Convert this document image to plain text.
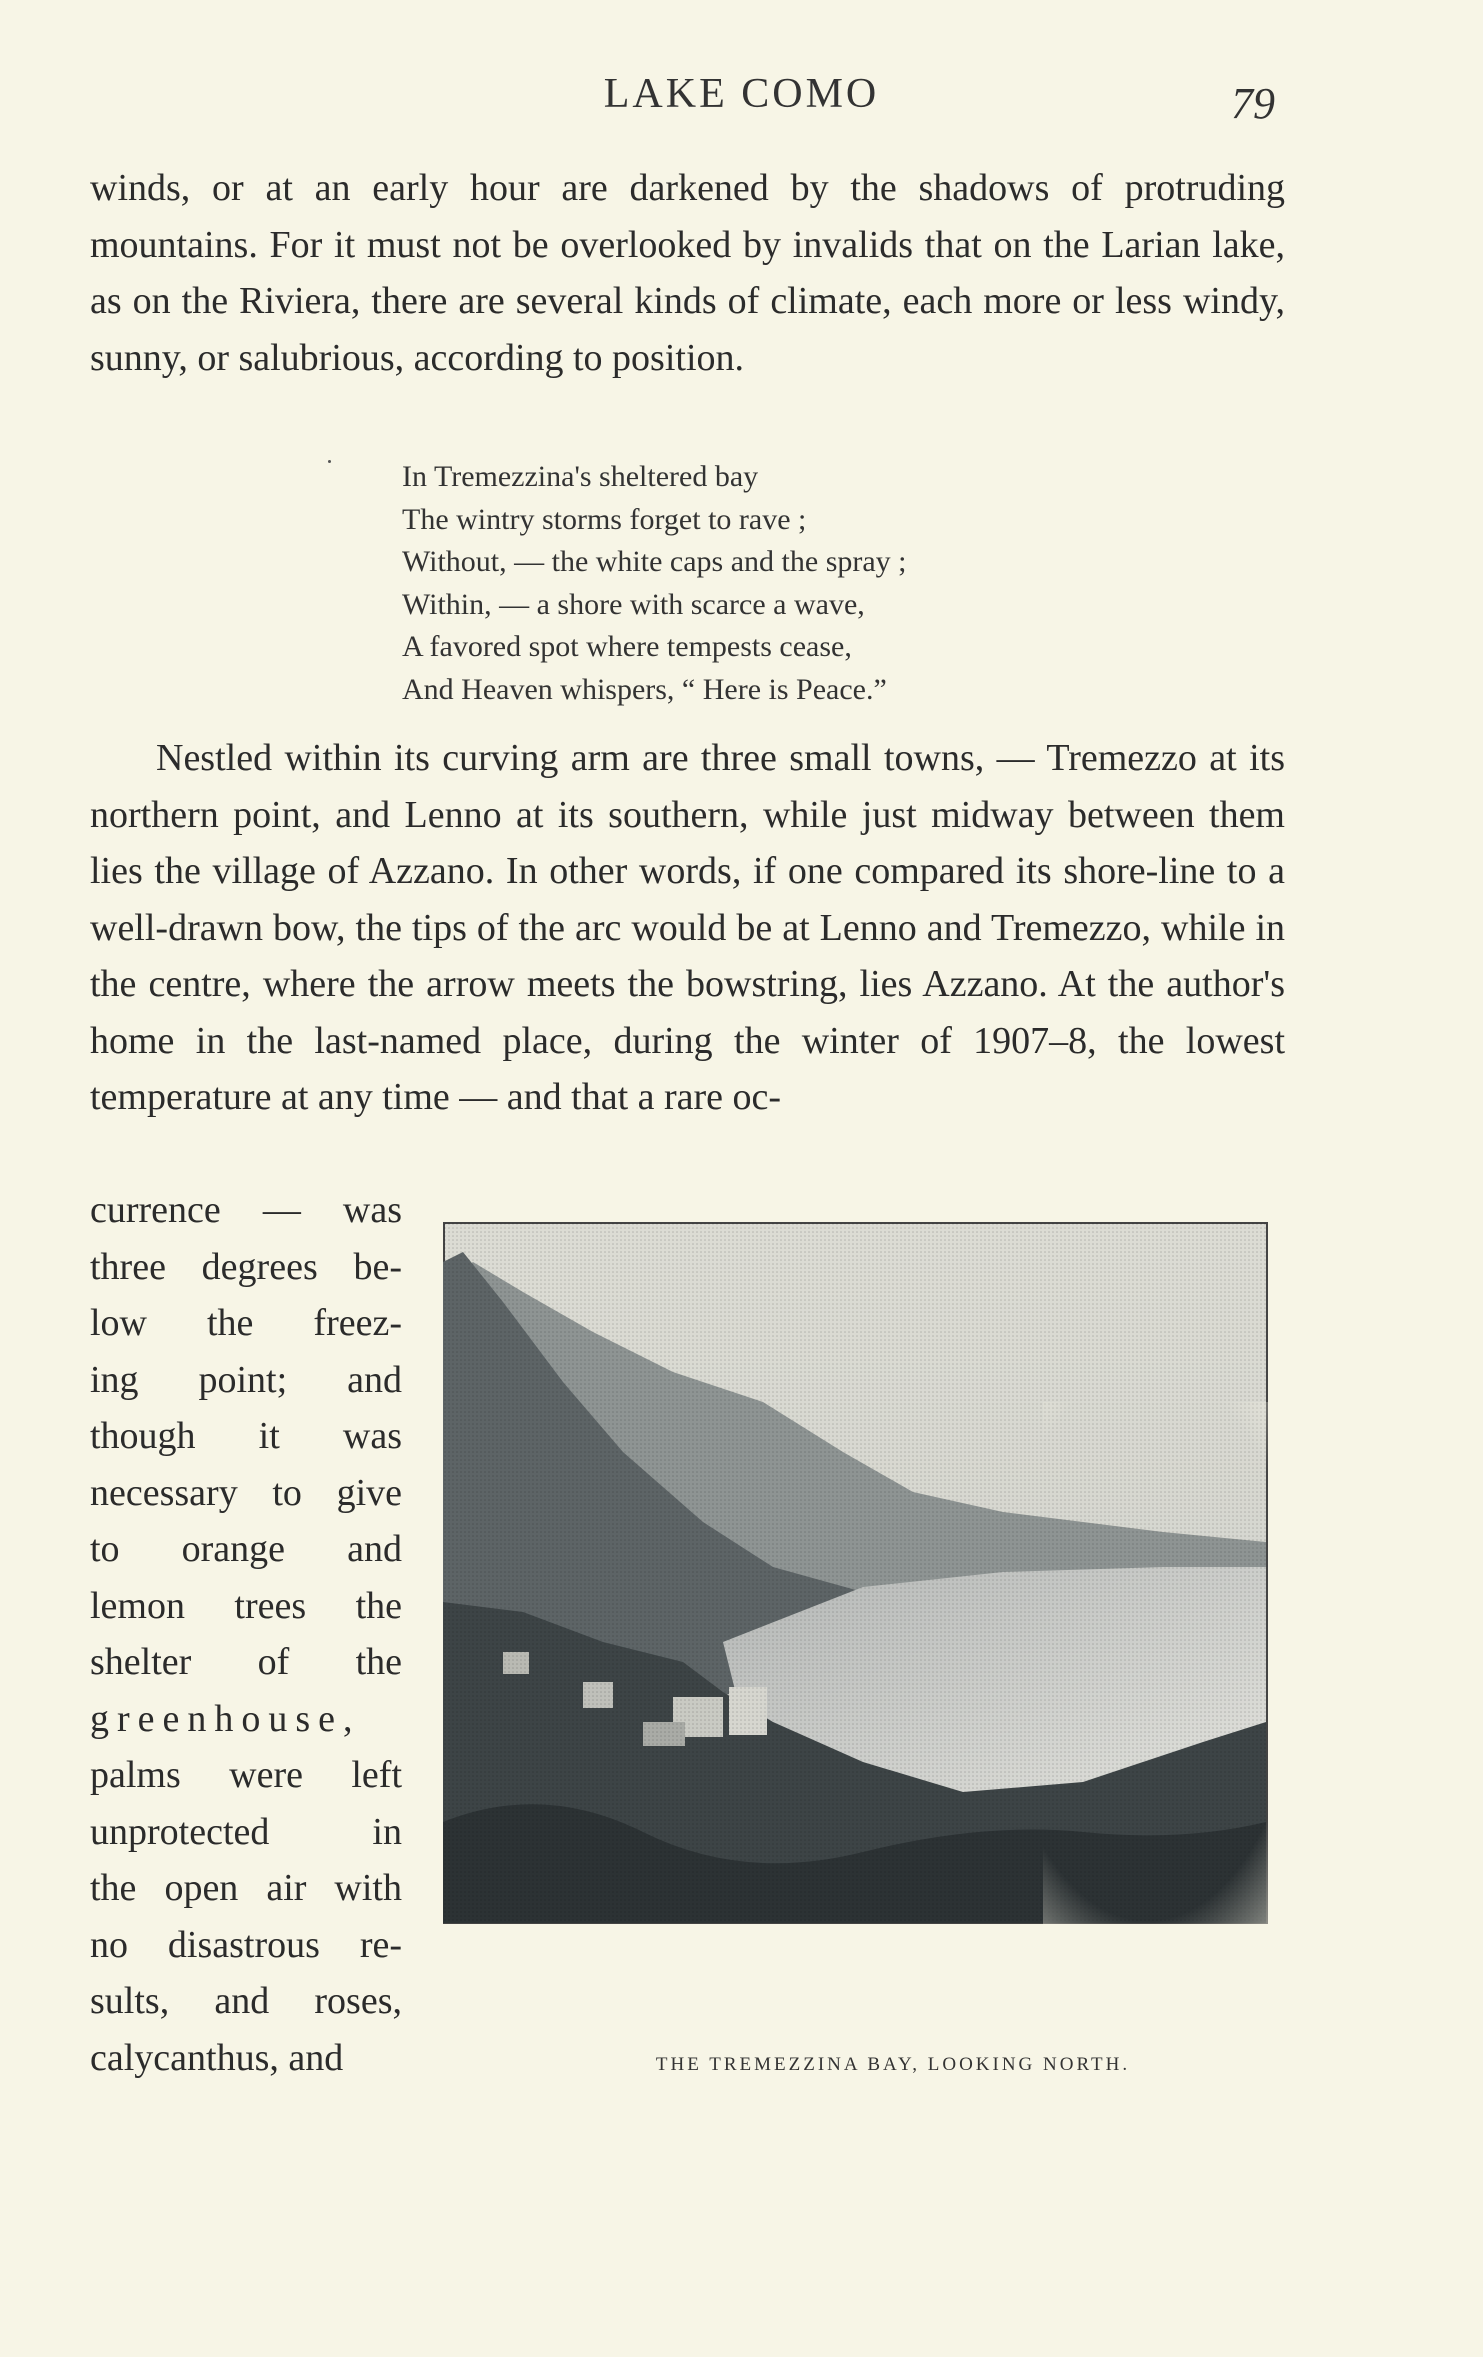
LAKE COMO	79
winds, or at an early hour are darkened by the shadows of protruding mountains. For it must not be overlooked by invalids that on the Larian lake, as on the Riviera, there are several kinds of climate, each more or less windy, sunny, or salubrious, according to position.
In Tremezzina's sheltered bay
The wintry storms forget to rave ;
Without, — the white caps and the spray ;
Within, — a shore with scarce a wave,
A favored spot where tempests cease,
And Heaven whispers, “ Here is Peace.”
Nestled within its curving arm are three small towns, — Tremezzo at its northern point, and Lenno at its southern, while just midway between them lies the village of Azzano. In other words, if one compared its shore-line to a well-drawn bow, the tips of the arc would be at Lenno and Tremezzo, while in the centre, where the arrow meets the bowstring, lies Azzano. At the author's home in the last-named place, during the winter of 1907–8, the lowest temperature at any time — and that a rare oc-
currence — was
three degrees be-
low the freez-
ing point; and
though it was
necessary to give
to orange and
lemon trees the
shelter of the
greenhouse,
palms were left
unprotected in
the open air with
no disastrous re-
sults, and roses,
calycanthus, and	THE TREMEZZINA BAY, LOOKING NORTH.
